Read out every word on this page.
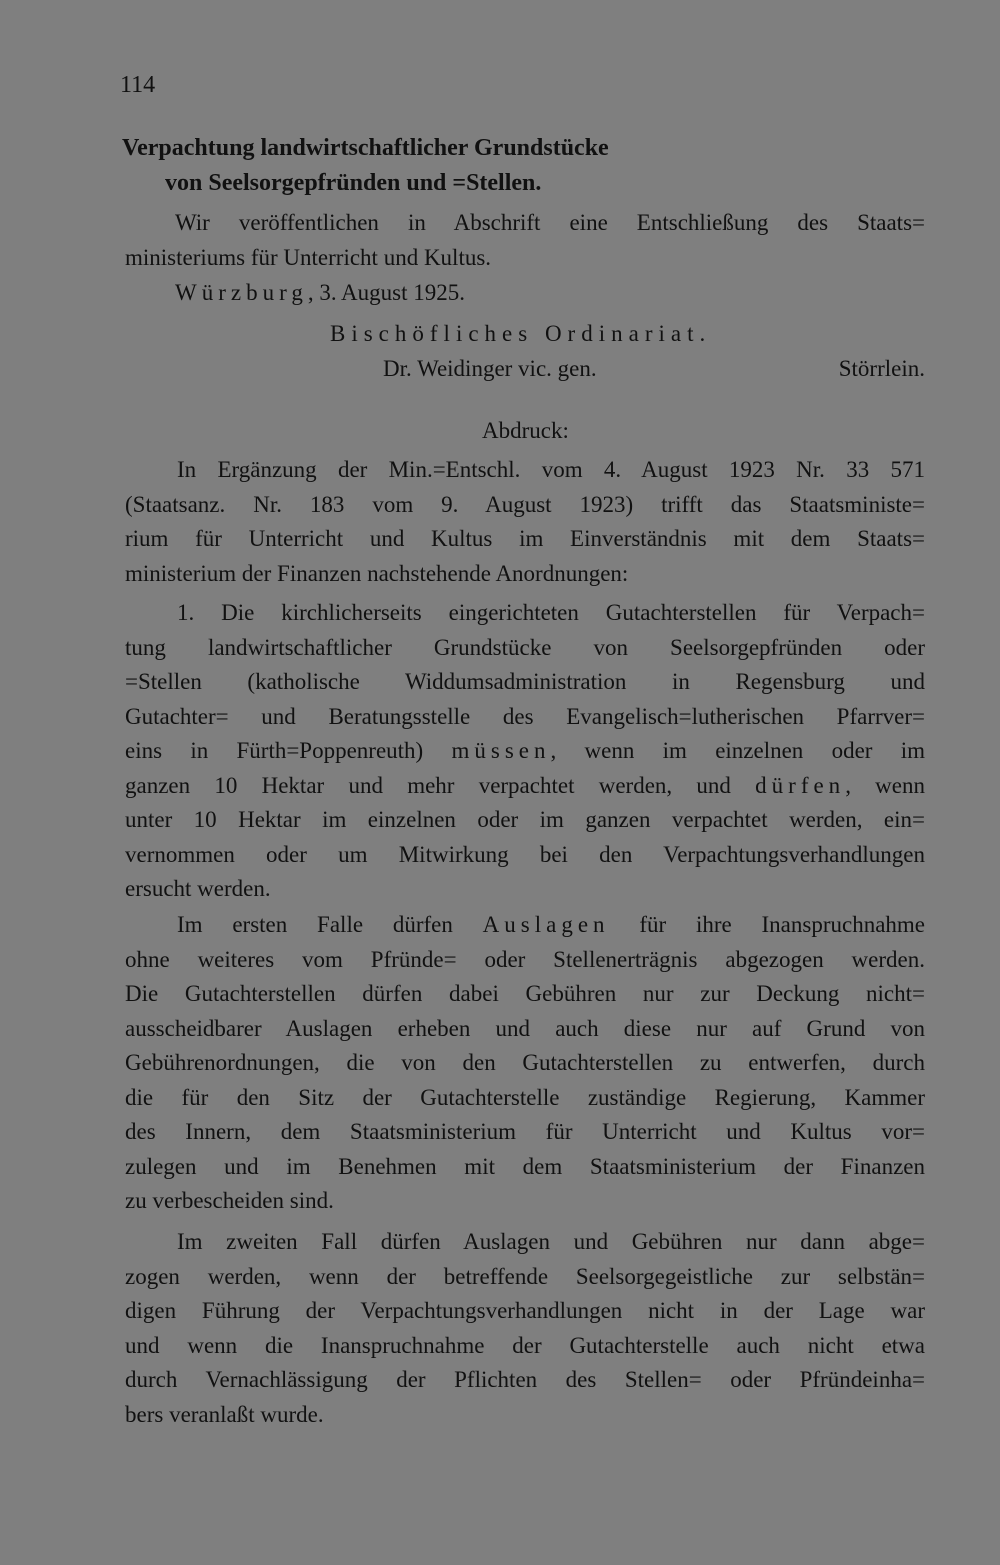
114
Verpachtung landwirtschaftlicher Grundstücke
von Seelsorgepfründen und =Stellen.
Wir veröffentlichen in Abschrift eine Entschließung des Staats=
ministeriums für Unterricht und Kultus.
Würzburg, 3. August 1925.
Bischöfliches Ordinariat.
Dr. Weidinger vic. gen.	Störrlein.
Abdruck:
In Ergänzung der Min.=Entschl. vom 4. August 1923 Nr. 33 571
(Staatsanz. Nr. 183 vom 9. August 1923) trifft das Staatsministe=
rium für Unterricht und Kultus im Einverständnis mit dem Staats=
ministerium der Finanzen nachstehende Anordnungen:
1. Die kirchlicherseits eingerichteten Gutachterstellen für Verpach=
tung landwirtschaftlicher Grundstücke von Seelsorgepfründen oder
=Stellen (katholische Widdumsadministration in Regensburg und
Gutachter= und Beratungsstelle des Evangelisch=lutherischen Pfarrver=
eins in Fürth=Poppenreuth) müssen, wenn im einzelnen oder im
ganzen 10 Hektar und mehr verpachtet werden, und dürfen, wenn
unter 10 Hektar im einzelnen oder im ganzen verpachtet werden, ein=
vernommen oder um Mitwirkung bei den Verpachtungsverhandlungen
ersucht werden.
Im ersten Falle dürfen Auslagen für ihre Inanspruchnahme
ohne weiteres vom Pfründe= oder Stellenerträgnis abgezogen werden.
Die Gutachterstellen dürfen dabei Gebühren nur zur Deckung nicht=
ausscheidbarer Auslagen erheben und auch diese nur auf Grund von
Gebührenordnungen, die von den Gutachterstellen zu entwerfen, durch
die für den Sitz der Gutachterstelle zuständige Regierung, Kammer
des Innern, dem Staatsministerium für Unterricht und Kultus vor=
zulegen und im Benehmen mit dem Staatsministerium der Finanzen
zu verbescheiden sind.
Im zweiten Fall dürfen Auslagen und Gebühren nur dann abge=
zogen werden, wenn der betreffende Seelsorgegeistliche zur selbstän=
digen Führung der Verpachtungsverhandlungen nicht in der Lage war
und wenn die Inanspruchnahme der Gutachterstelle auch nicht etwa
durch Vernachlässigung der Pflichten des Stellen= oder Pfründeinha=
bers veranlaßt wurde.
